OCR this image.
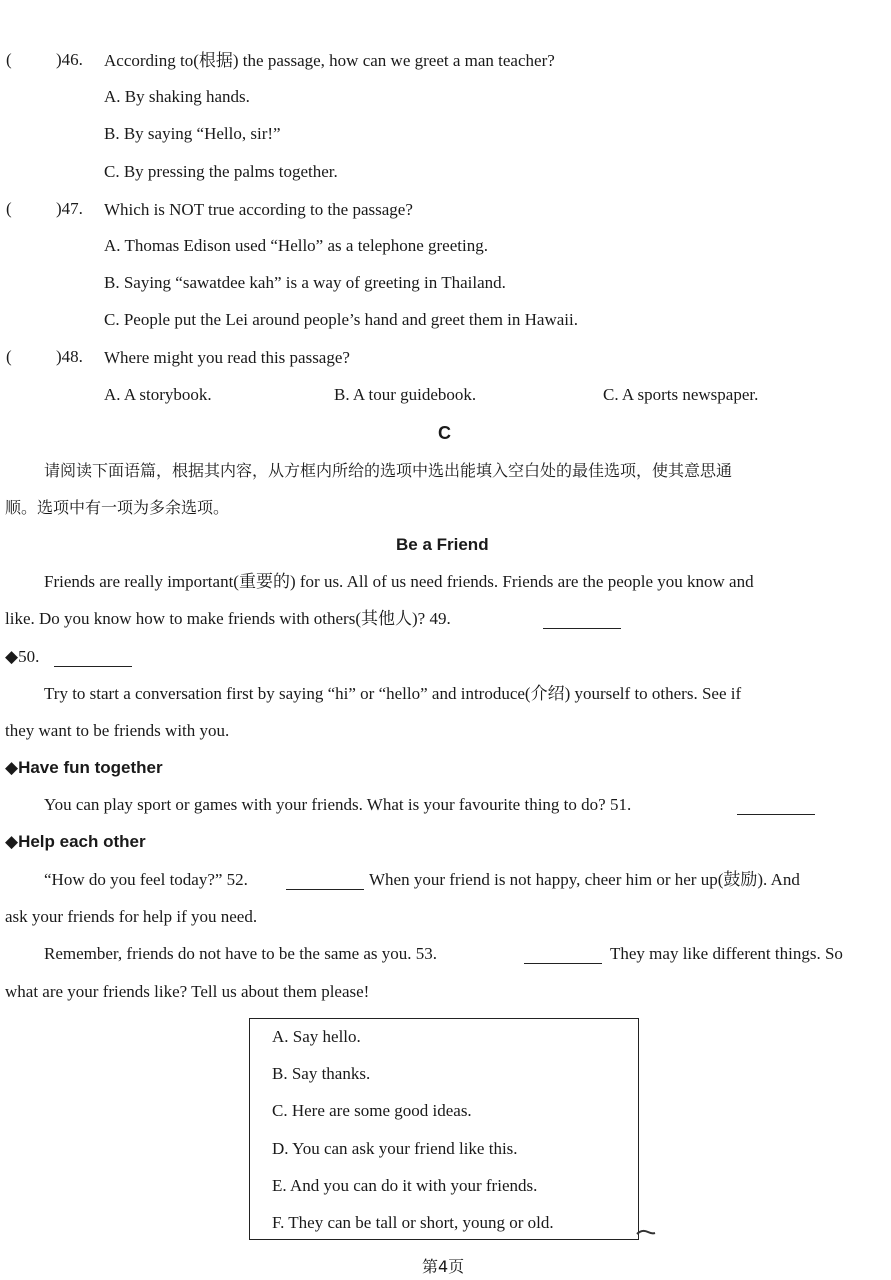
(	)46. According to(根据) the passage, how can we greet a man teacher?
A. By shaking hands.
B. By saying “Hello, sir!”
C. By pressing the palms together.
(	)47. Which is NOT true according to the passage?
A. Thomas Edison used “Hello” as a telephone greeting.
B. Saying “sawatdee kah” is a way of greeting in Thailand.
C. People put the Lei around people’s hand and greet them in Hawaii.
(	)48. Where might you read this passage?
A. A storybook.	B. A tour guidebook.	C. A sports newspaper.
C
请阅读下面语篇，根据其内容，从方框内所给的选项中选出能填入空白处的最佳选项，使其意思通
顺。选项中有一项为多余选项。
Be a Friend
Friends are really important(重要的) for us. All of us need friends. Friends are the people you know and
like. Do you know how to make friends with others(其他人)? 49.
◆50.
Try to start a conversation first by saying “hi” or “hello” and introduce(介绍) yourself to others. See if
they want to be friends with you.
◆Have fun together
You can play sport or games with your friends. What is your favourite thing to do? 51.
◆Help each other
“How do you feel today?” 52.	When your friend is not happy, cheer him or her up(鼓励). And
ask your friends for help if you need.
Remember, friends do not have to be the same as you. 53.	They may like different things. So
what are your friends like? Tell us about them please!
A. Say hello.
B. Say thanks.
C. Here are some good ideas.
D. You can ask your friend like this.
E. And you can do it with your friends.
F. They can be tall or short, young or old.
第4页
